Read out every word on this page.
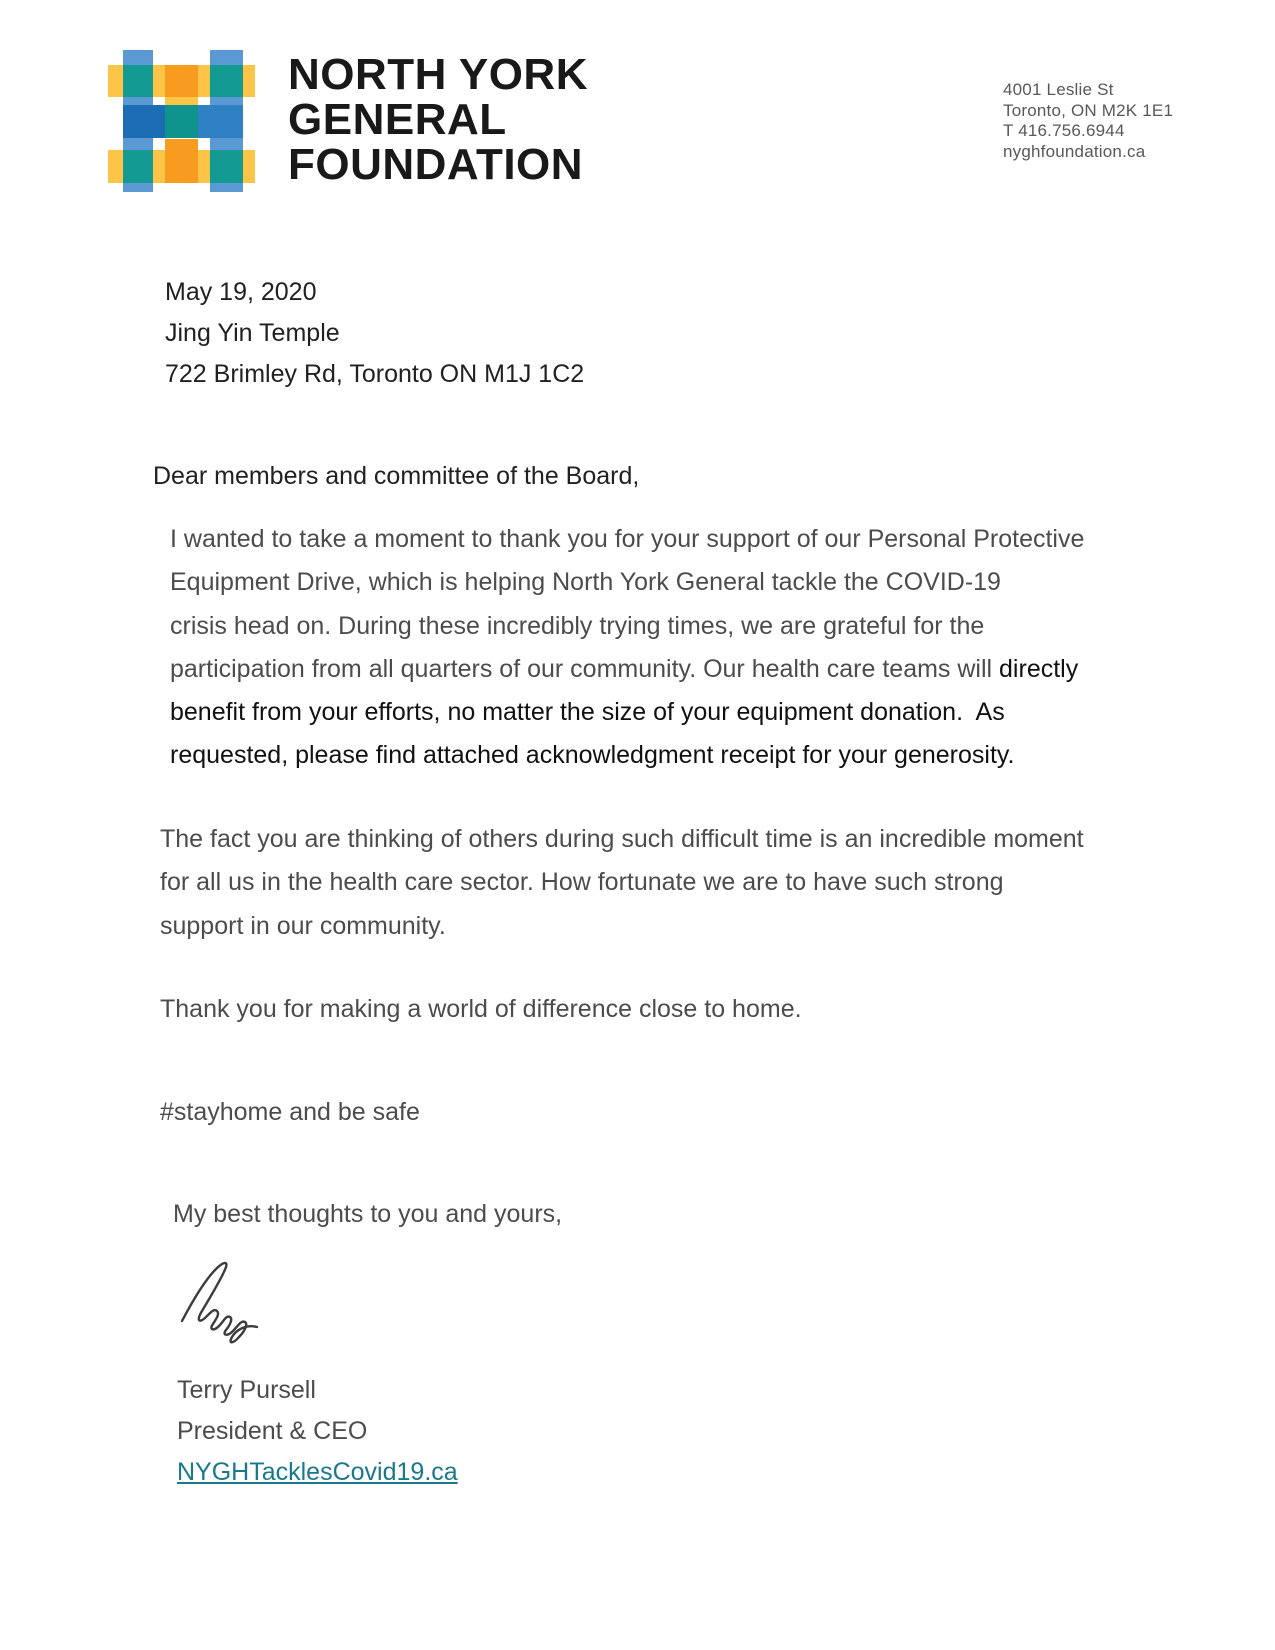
NORTH YORK
GENERAL
FOUNDATION
4001 Leslie St
Toronto, ON M2K 1E1
T 416.756.6944
nyghfoundation.ca
May 19, 2020
Jing Yin Temple
722 Brimley Rd, Toronto ON M1J 1C2
Dear members and committee of the Board,
I wanted to take a moment to thank you for your support of our Personal Protective
Equipment Drive, which is helping North York General tackle the COVID-19
crisis head on. During these incredibly trying times, we are grateful for the
participation from all quarters of our community. Our health care teams will directly
benefit from your efforts, no matter the size of your equipment donation.  As
requested, please find attached acknowledgment receipt for your generosity.
The fact you are thinking of others during such difficult time is an incredible moment
for all us in the health care sector. How fortunate we are to have such strong
support in our community.
Thank you for making a world of difference close to home.
#stayhome and be safe
My best thoughts to you and yours,
Terry Pursell
President & CEO
NYGHTacklesCovid19.ca
